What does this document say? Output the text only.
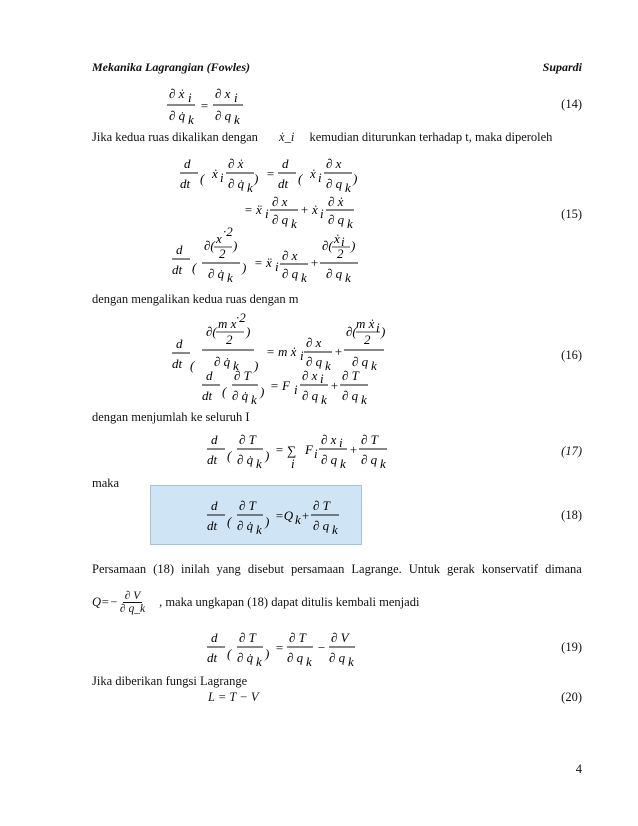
Mekanika Lagrangian (Fowles)	Supardi
∂ ẋ i
∂ q̇ k
=
∂ x i
∂ q k
(14)
Jika kedua ruas dikalikan dengan ẋ_i kemudian diturunkan terhadap t, maka diperoleh
d
dt ( ẋ i
∂ ẋ
∂ q̇ k
) =
d
dt ( ẋ i
∂ x
∂ q k
)
= ẍ i
∂ x
∂ q k
+ ẋ i
∂ ẋ
∂ q k
d
dt (
∂( x ·2
2
)
∂ q̇ k
) = ẍ i
∂ x
∂ q k
+
∂( ẋ i
2
)
∂ q k
(15)
dengan mengalikan kedua ruas dengan m
d
dt (
∂(
m x ·2
2
)
∂ q̇ k )
= m ẋ i
∂ x
∂ q k
+
∂(
m ẋ i
2
)
∂ q k
d
dt (
∂ T
∂ q̇ k
) = F i
∂ x i
∂ q k
+
∂ T
∂ q k
(16)
dengan menjumlah ke seluruh I
d
dt (
∂ T
∂ q̇ k
) = ∑
i
F i
∂ x i
∂ q k
+
∂ T
∂ q k
(17)
maka
d
dt (
∂ T
∂ q̇ k
) =Q k +
∂ T
∂ q k
(18)
Persamaan (18) inilah yang disebut persamaan Lagrange. Untuk gerak konservatif dimana
$Q=- \frac{\partial V}{\partial q\_k}$ , maka ungkapan (18) dapat ditulis kembali menjadi
d
dt (
∂ T
∂ q̇ k
) =
∂ T
∂ q k
−
∂ V
∂ q k
(19)
Jika diberikan fungsi Lagrange
L = T − V	(20)
4
